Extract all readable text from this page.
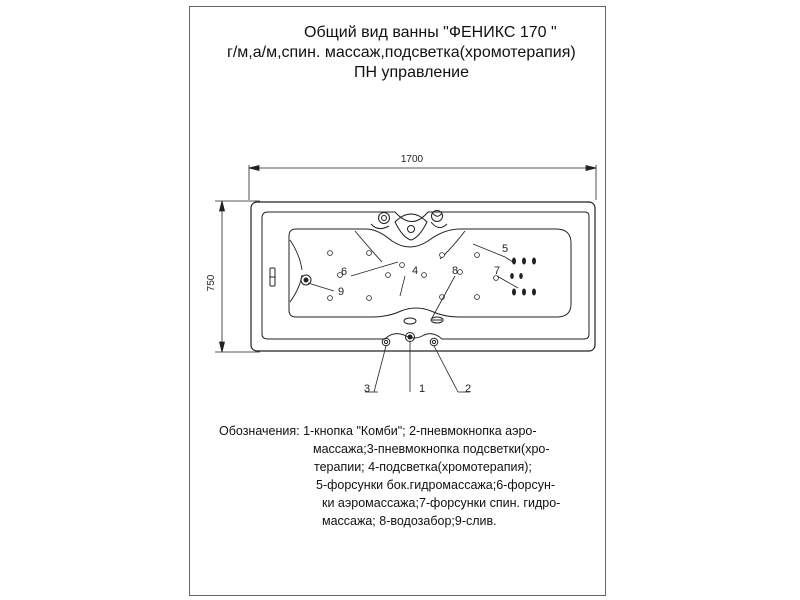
1700
750
1	2
3
4
5
6	7
8
9
Общий вид ванны "ФЕНИКС 170 "
г/м,а/м,спин. массаж,подсветка(хромотерапия)
ПН управление
Обозначения: 1-кнопка "Комби"; 2-пневмокнопка аэро-
массажа;3-пневмокнопка подсветки(хро-
терапии; 4-подсветка(хромотерапия);
5-форсунки бок.гидромассажа;6-форсун-
ки аэромассажа;7-форсунки спин. гидро-
массажа; 8-водозабор;9-слив.
